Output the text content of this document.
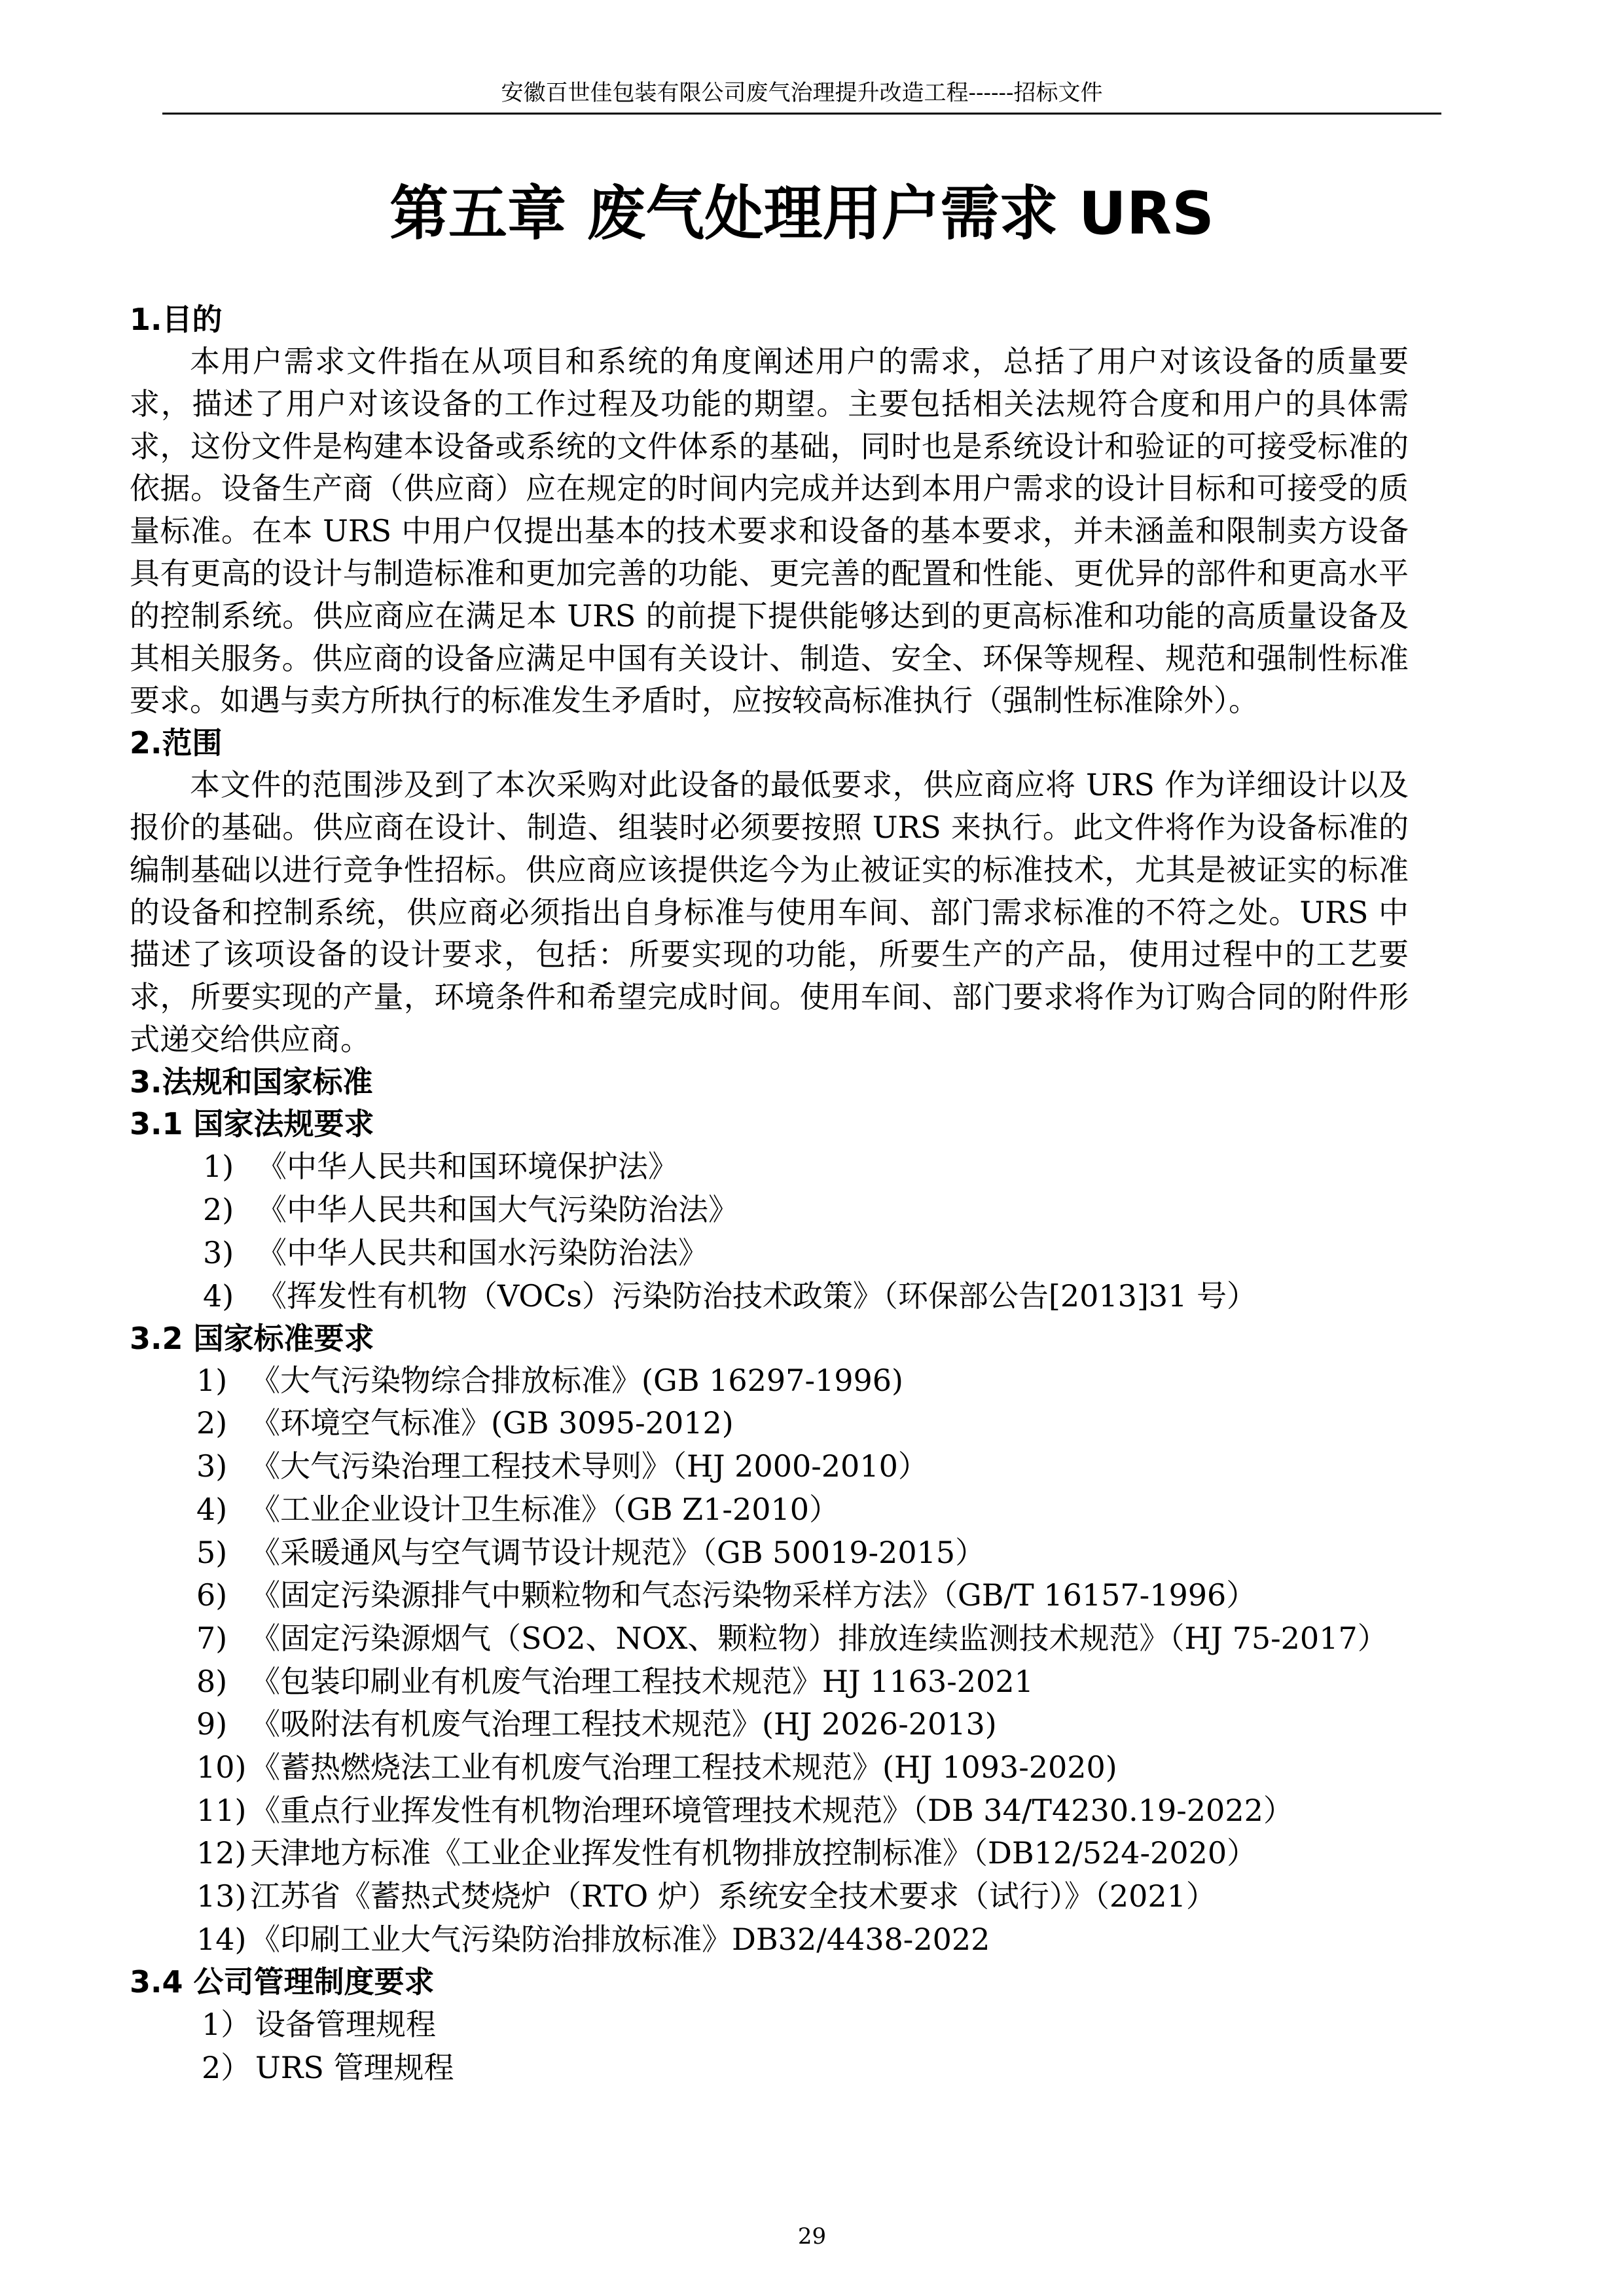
安徽百世佳包装有限公司废气治理提升改造工程------招标文件
第五章 废气处理用户需求 URS
1.目的

本用户需求文件指在从项目和系统的角度阐述用户的需求，总括了用户对该设备的质量要求，描述了用户对该设备的工作过程及功能的期望。主要包括相关法规符合度和用户的具体需求，这份文件是构建本设备或系统的文件体系的基础，同时也是系统设计和验证的可接受标准的依据。设备生产商（供应商）应在规定的时间内完成并达到本用户需求的设计目标和可接受的质量标准。在本 URS 中用户仅提出基本的技术要求和设备的基本要求，并未涵盖和限制卖方设备具有更高的设计与制造标准和更加完善的功能、更完善的配置和性能、更优异的部件和更高水平的控制系统。供应商应在满足本 URS 的前提下提供能够达到的更高标准和功能的高质量设备及其相关服务。供应商的设备应满足中国有关设计、制造、安全、环保等规程、规范和强制性标准要求。如遇与卖方所执行的标准发生矛盾时，应按较高标准执行（强制性标准除外）。

2.范围

本文件的范围涉及到了本次采购对此设备的最低要求，供应商应将 URS 作为详细设计以及报价的基础。供应商在设计、制造、组装时必须要按照 URS 来执行。此文件将作为设备标准的编制基础以进行竞争性招标。供应商应该提供迄今为止被证实的标准技术，尤其是被证实的标准的设备和控制系统，供应商必须指出自身标准与使用车间、部门需求标准的不符之处。URS 中描述了该项设备的设计要求，包括：所要实现的功能，所要生产的产品，使用过程中的工艺要求，所要实现的产量，环境条件和希望完成时间。使用车间、部门要求将作为订购合同的附件形式递交给供应商。

3.法规和国家标准
3.1 国家法规要求
1) 《中华人民共和国环境保护法》
2) 《中华人民共和国大气污染防治法》
3) 《中华人民共和国水污染防治法》
4) 《挥发性有机物（VOCs）污染防治技术政策》（环保部公告[2013]31 号）
3.2 国家标准要求
1) 《大气污染物综合排放标准》(GB 16297-1996)
2) 《环境空气标准》(GB 3095-2012)
3) 《大气污染治理工程技术导则》（HJ 2000-2010）
4) 《工业企业设计卫生标准》（GB Z1-2010）
5) 《采暖通风与空气调节设计规范》（GB 50019-2015）
6) 《固定污染源排气中颗粒物和气态污染物采样方法》（GB/T 16157-1996）
7) 《固定污染源烟气（SO2、NOX、颗粒物）排放连续监测技术规范》（HJ 75-2017）
8) 《包装印刷业有机废气治理工程技术规范》HJ 1163-2021
9) 《吸附法有机废气治理工程技术规范》(HJ 2026-2013)
10) 《蓄热燃烧法工业有机废气治理工程技术规范》(HJ 1093-2020)
11) 《重点行业挥发性有机物治理环境管理技术规范》（DB 34/T4230.19-2022）
12) 天津地方标准《工业企业挥发性有机物排放控制标准》（DB12/524-2020）
13) 江苏省《蓄热式焚烧炉（RTO 炉）系统安全技术要求（试行）》（2021）
14) 《印刷工业大气污染防治排放标准》DB32/4438-2022
3.4 公司管理制度要求
1） 设备管理规程
2） URS 管理规程
29
